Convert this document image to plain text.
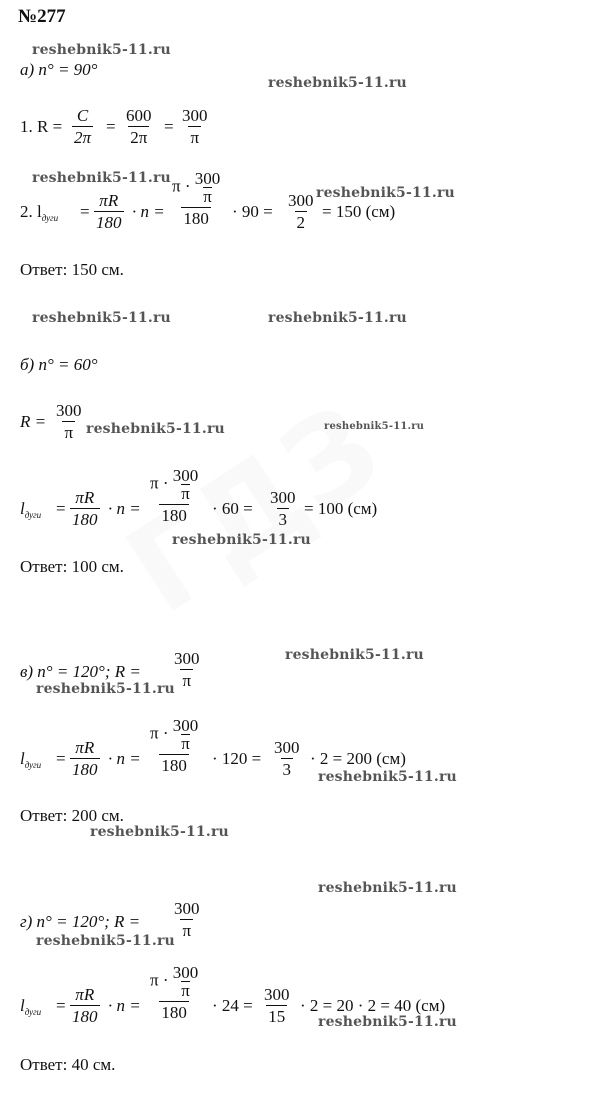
№277
reshebnik5-11.ru
reshebnik5-11.ru
reshebnik5-11.ru
reshebnik5-11.ru
reshebnik5-11.ru	reshebnik5-11.ru
reshebnik5-11.ru	reshebnik5-11.ru
reshebnik5-11.ru
reshebnik5-11.ru
reshebnik5-11.ru
reshebnik5-11.ru
reshebnik5-11.ru
reshebnik5-11.ru
reshebnik5-11.ru
reshebnik5-11.ru
а) n° = 90°
1. $R = \frac{C}{2\pi} = \frac{600}{2\pi} = \frac{300}{\pi}$
2. $l_{дуги} = \frac{\pi R}{180} \cdot n = \frac{\pi \cdot \frac{300}{\pi}}{180} \cdot 90 = \frac{300}{2} = 150$ (см)
Ответ: 150 см.
б) n° = 60°
$R = \frac{300}{\pi}$
$l_{дуги} = \frac{\pi R}{180} \cdot n = \frac{\pi \cdot \frac{300}{\pi}}{180} \cdot 60 = \frac{300}{3} = 100$ (см)
Ответ: 100 см.
в) n° = 120°; $R = \frac{300}{\pi}$
$l_{дуги} = \frac{\pi R}{180} \cdot n = \frac{\pi \cdot \frac{300}{\pi}}{180} \cdot 120 = \frac{300}{3} \cdot 2 = 200$ (см)
Ответ: 200 см.
г) n° = 120°; $R = \frac{300}{\pi}$
$l_{дуги} = \frac{\pi R}{180} \cdot n = \frac{\pi \cdot \frac{300}{\pi}}{180} \cdot 24 = \frac{300}{15} \cdot 2 = 20 \cdot 2 = 40$ (см)
Ответ: 40 см.
